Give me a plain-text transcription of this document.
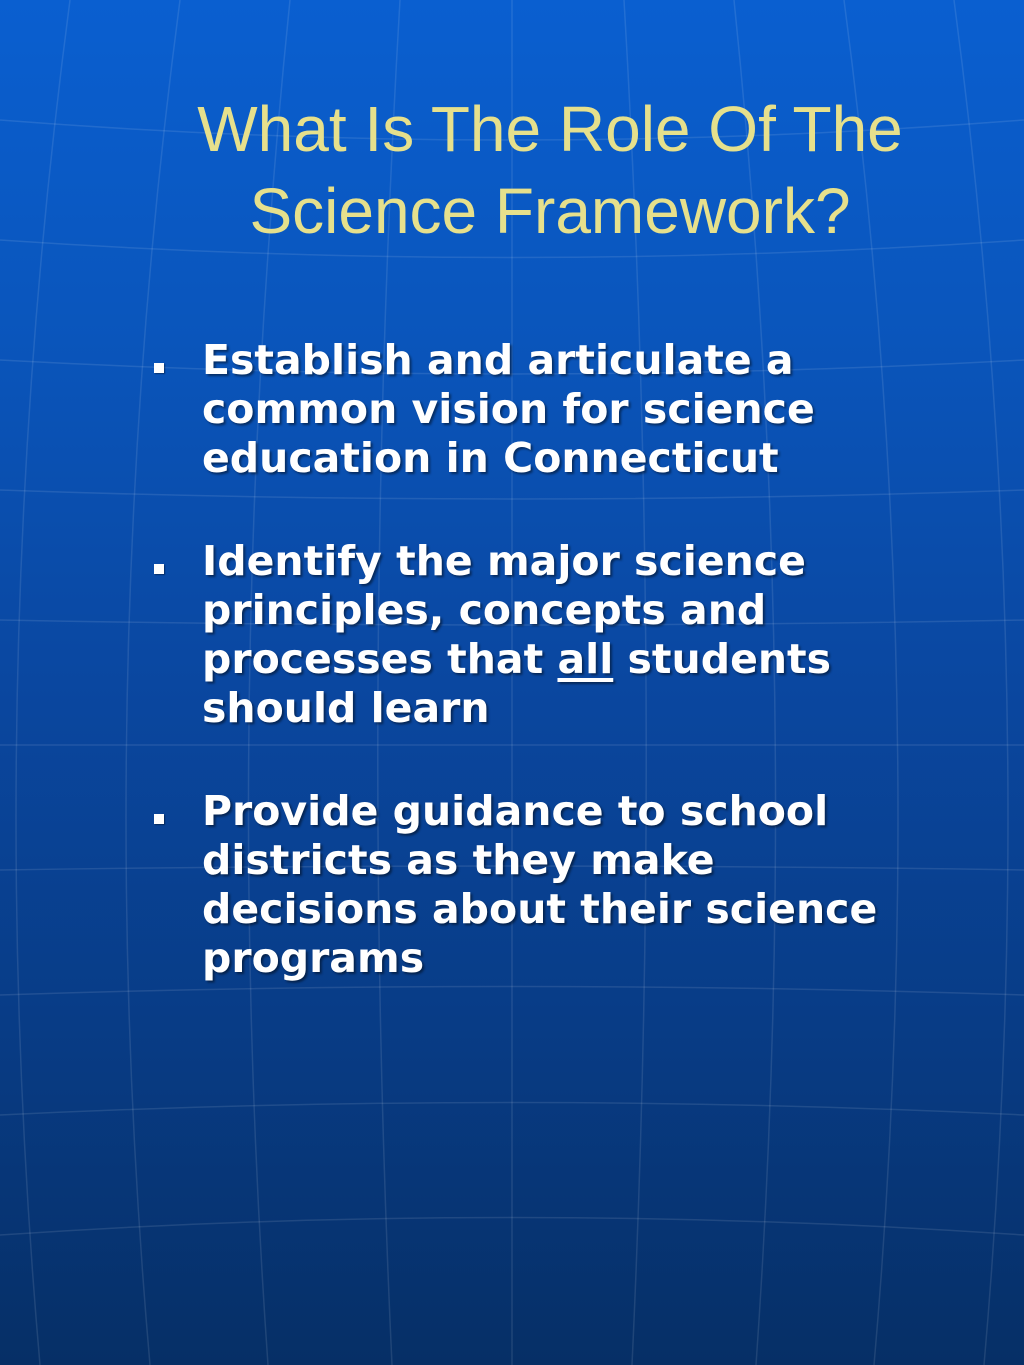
What Is The Role Of The Science Framework?
Establish and articulate a common vision for science education in Connecticut
Identify the major science principles, concepts and processes that all students should learn
Provide guidance to school districts as they make decisions about their science programs
